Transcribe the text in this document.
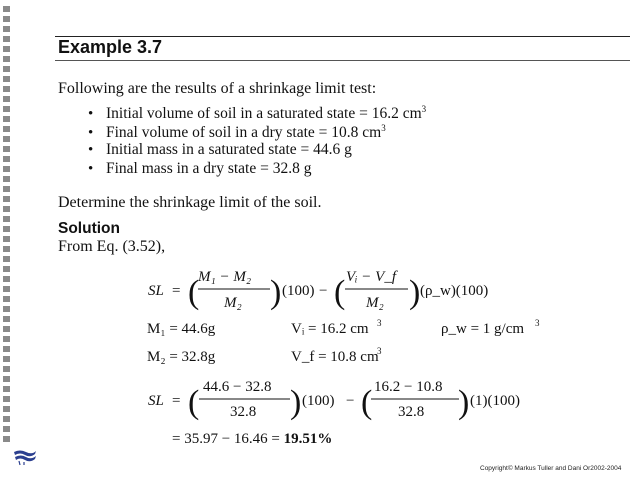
Example 3.7
Following are the results of a shrinkage limit test:
• Initial volume of soil in a saturated state = 16.2 $cm^3$
• Final volume of soil in a dry state = 10.8 $cm^3$
• Initial mass in a saturated state = 44.6 g
• Final mass in a dry state = 32.8 g
Determine the shrinkage limit of the soil.
Solution
From Eq. (3.52),
SL = (
M₁ − M₂
M₂ ) (100) − ( Vᵢ − V_f
M₂ ) (ρ_w)(100)
M₁ = 44.6g
M₂ = 32.8g
Vᵢ = 16.2 cm 3
V_f = 10.8 cm
3
ρ_w = 1 g/cm 3
SL = ( 44.6 − 32.8
32.8 ) (100) − ( 16.2 − 10.8
32.8 ) (1)(100)
= 35.97 − 16.46 = 19.51%
Copyright© Markus Tuller and Dani Or2002-2004
